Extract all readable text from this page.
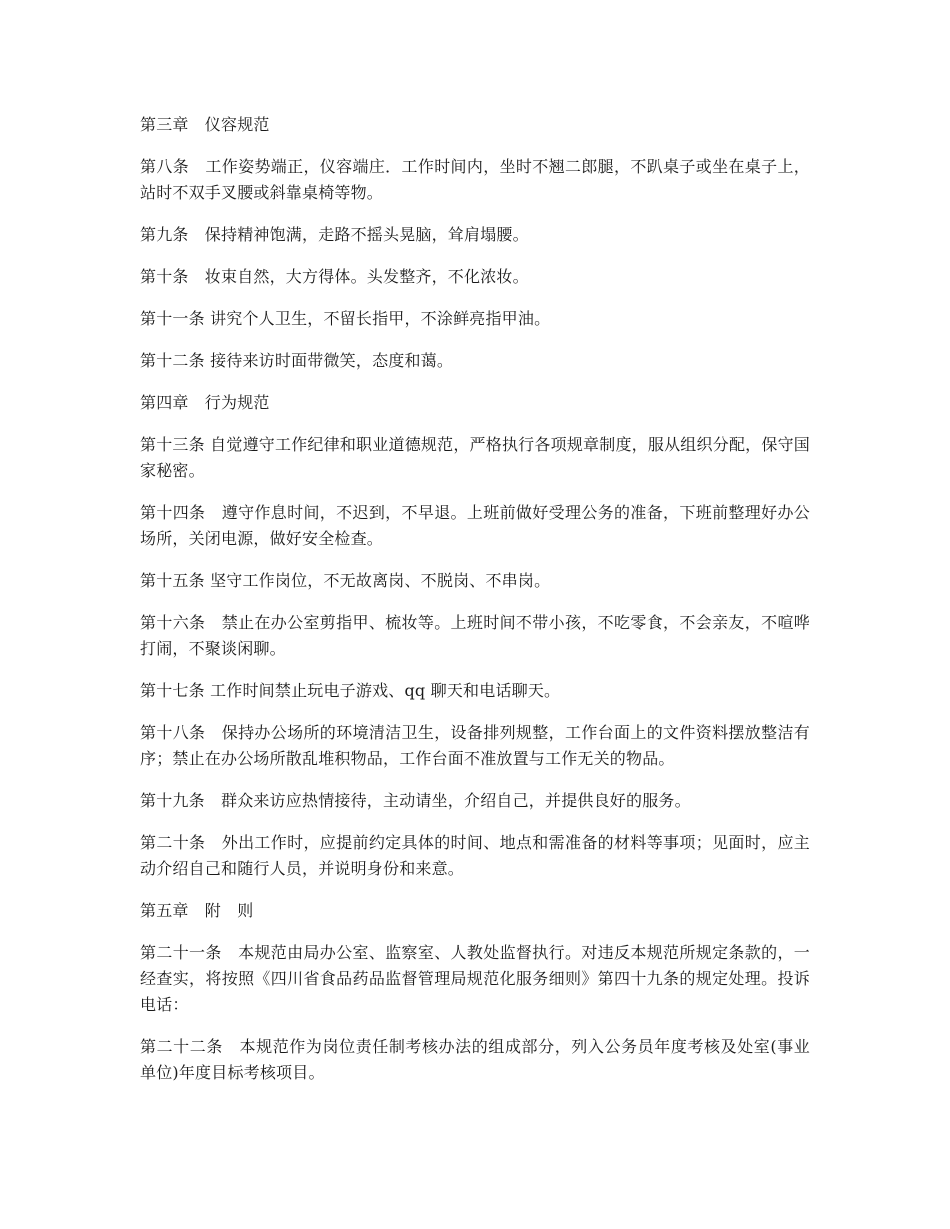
第三章　仪容规范

第八条　工作姿势端正，仪容端庄．工作时间内，坐时不翘二郎腿，不趴桌子或坐在桌子上，站时不双手叉腰或斜靠桌椅等物。

第九条　保持精神饱满，走路不摇头晃脑，耸肩塌腰。

第十条　妆束自然，大方得体。头发整齐，不化浓妆。

第十一条 讲究个人卫生，不留长指甲，不涂鲜亮指甲油。

第十二条 接待来访时面带微笑，态度和蔼。

第四章　行为规范

第十三条 自觉遵守工作纪律和职业道德规范，严格执行各项规章制度，服从组织分配，保守国家秘密。

第十四条　遵守作息时间，不迟到，不早退。上班前做好受理公务的准备，下班前整理好办公场所，关闭电源，做好安全检查。

第十五条 坚守工作岗位，不无故离岗、不脱岗、不串岗。

第十六条　禁止在办公室剪指甲、梳妆等。上班时间不带小孩，不吃零食，不会亲友，不喧哗打闹，不聚谈闲聊。

第十七条 工作时间禁止玩电子游戏、qq 聊天和电话聊天。

第十八条　保持办公场所的环境清洁卫生，设备排列规整，工作台面上的文件资料摆放整洁有序；禁止在办公场所散乱堆积物品，工作台面不准放置与工作无关的物品。

第十九条　群众来访应热情接待，主动请坐，介绍自己，并提供良好的服务。

第二十条　外出工作时，应提前约定具体的时间、地点和需准备的材料等事项；见面时，应主动介绍自己和随行人员，并说明身份和来意。

第五章　附　则

第二十一条　本规范由局办公室、监察室、人教处监督执行。对违反本规范所规定条款的，一经查实，将按照《四川省食品药品监督管理局规范化服务细则》第四十九条的规定处理。投诉电话：

第二十二条　本规范作为岗位责任制考核办法的组成部分，列入公务员年度考核及处室(事业单位)年度目标考核项目。
